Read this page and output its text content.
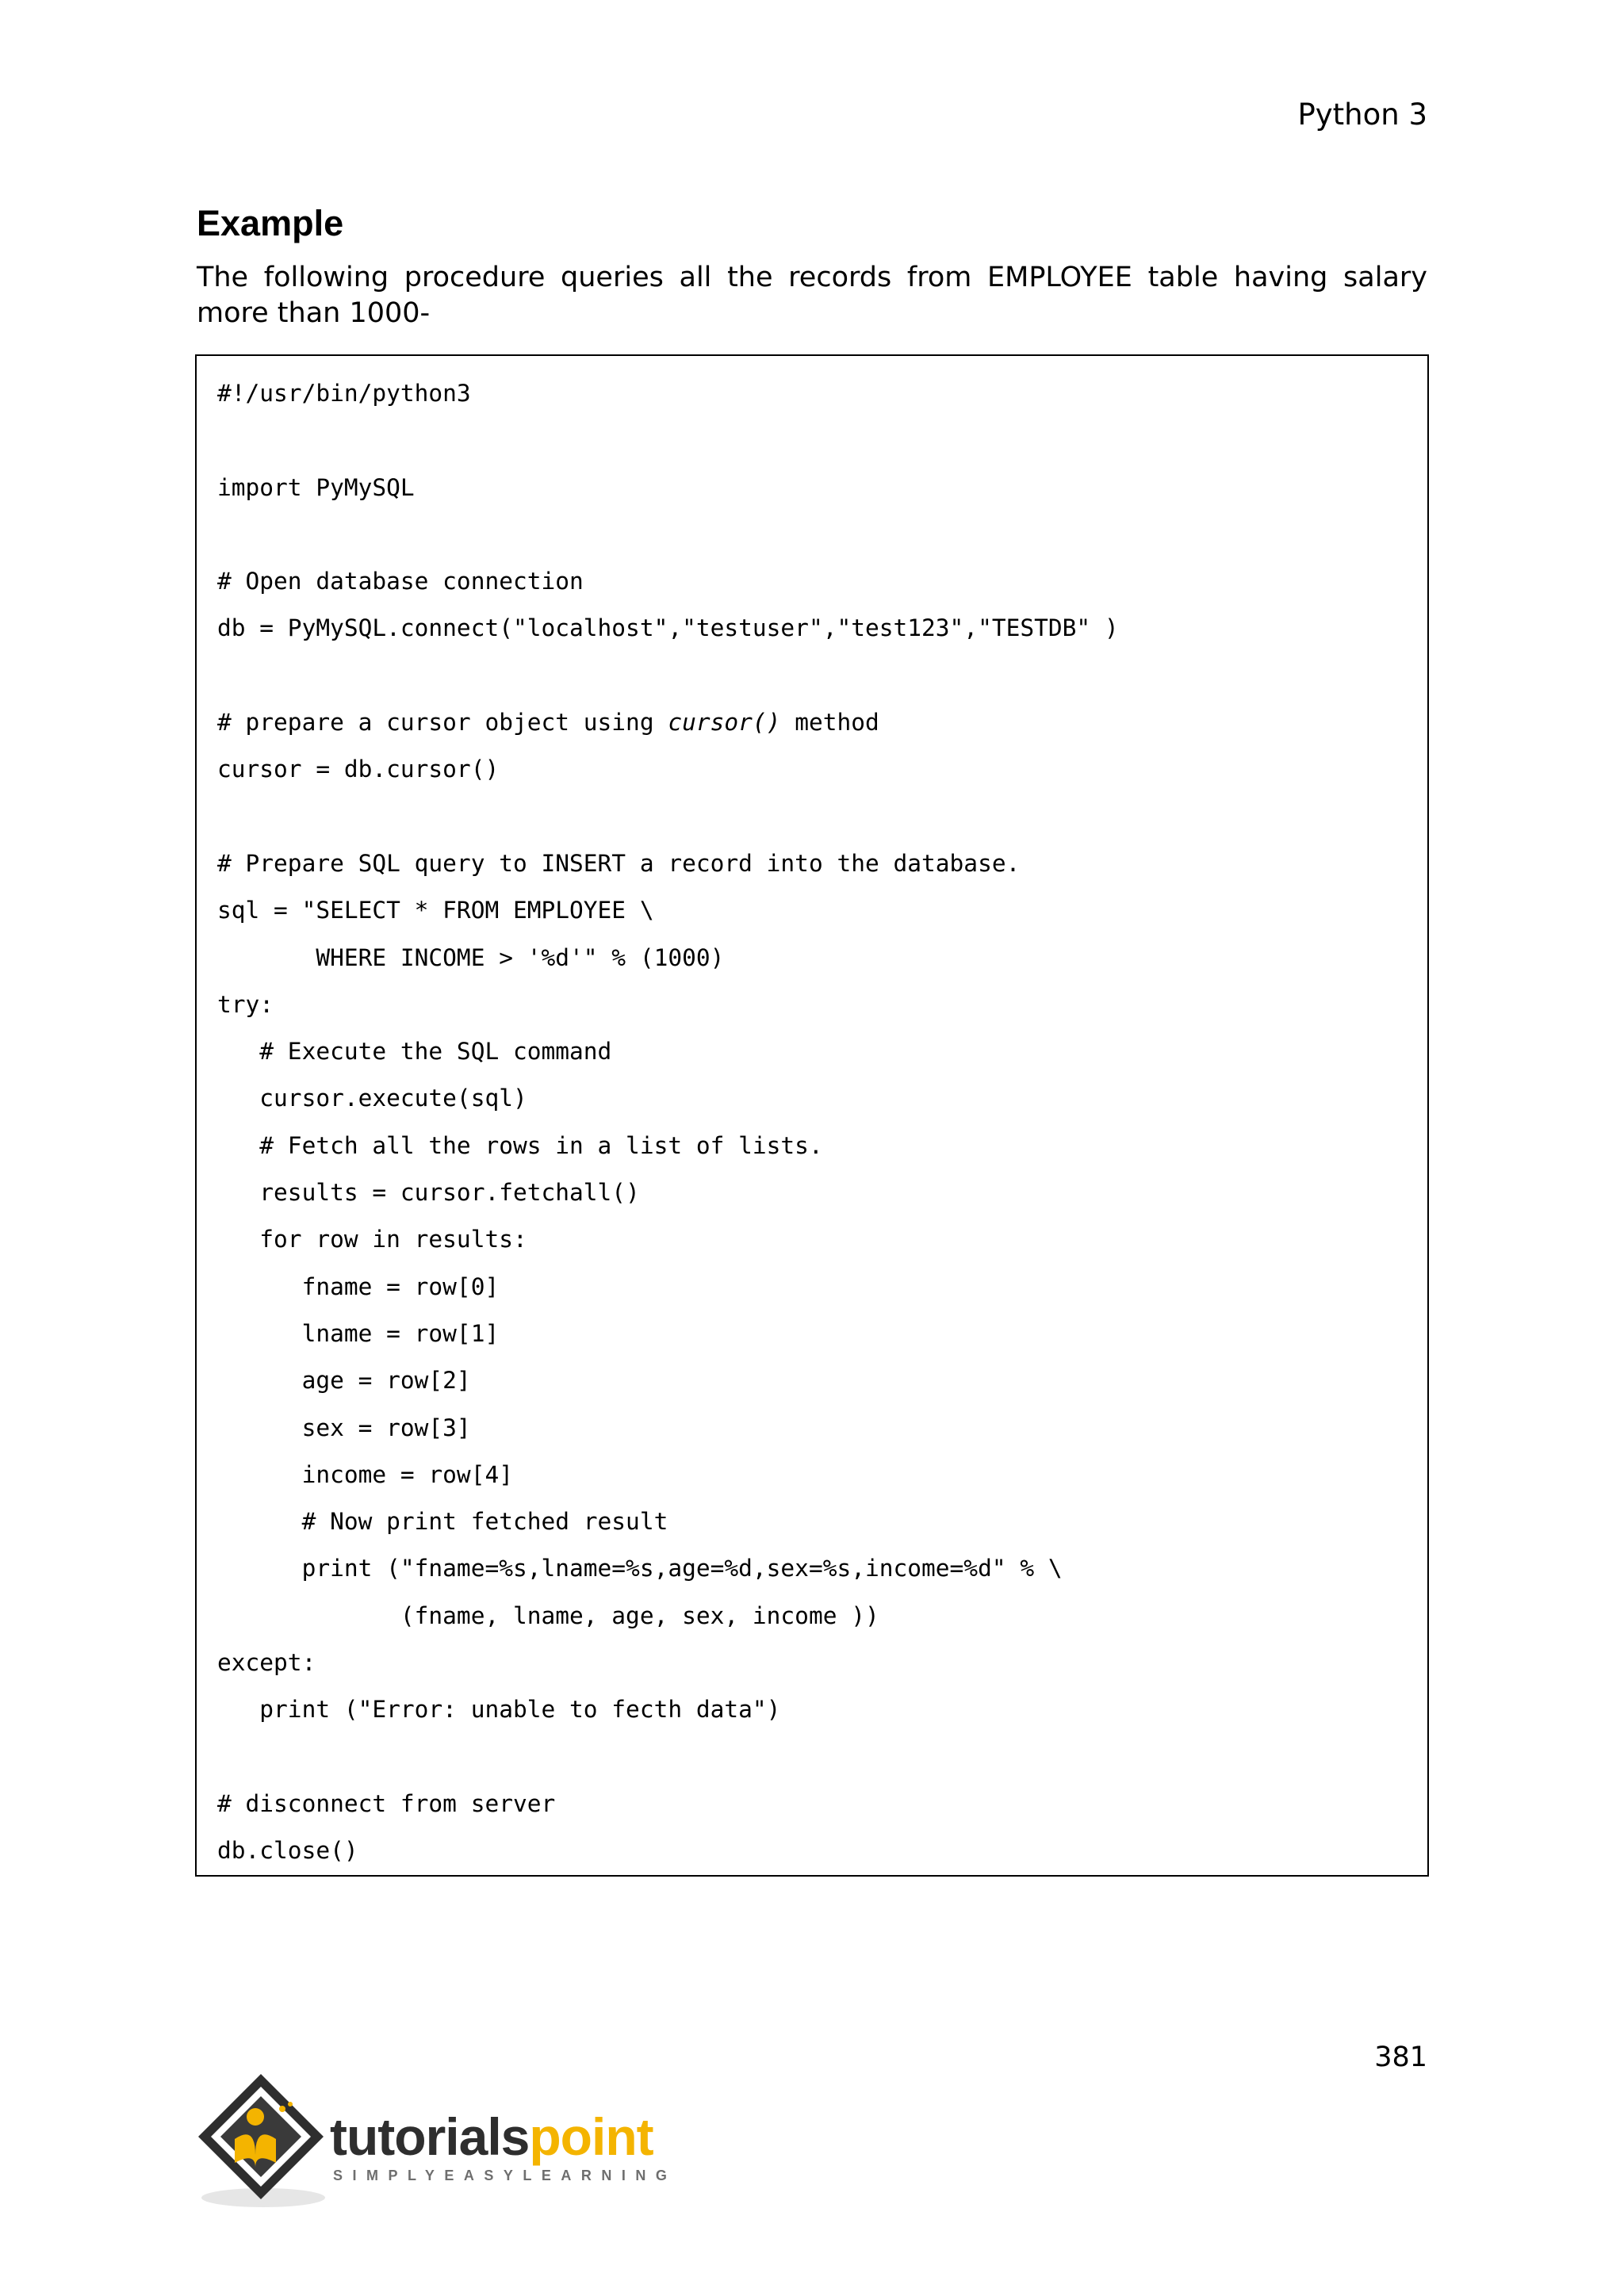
Python 3
Example

The following procedure queries all the records from EMPLOYEE table having salary more than 1000-

#!/usr/bin/python3
import PyMySQL
# Open database connection
db = PyMySQL.connect("localhost","testuser","test123","TESTDB" )
# prepare a cursor object using cursor() method
cursor = db.cursor()
# Prepare SQL query to INSERT a record into the database.
sql = "SELECT * FROM EMPLOYEE \
WHERE INCOME > '%d'" % (1000)
try:
# Execute the SQL command
cursor.execute(sql)
# Fetch all the rows in a list of lists.
results = cursor.fetchall()
for row in results:
fname = row[0]
lname = row[1]
age = row[2]
sex = row[3]
income = row[4]
# Now print fetched result
print ("fname=%s,lname=%s,age=%d,sex=%s,income=%d" % \
(fname, lname, age, sex, income ))
except:
print ("Error: unable to fecth data")
# disconnect from server
db.close()
381
tutorialspoint
SIMPLYEASYLEARNING
